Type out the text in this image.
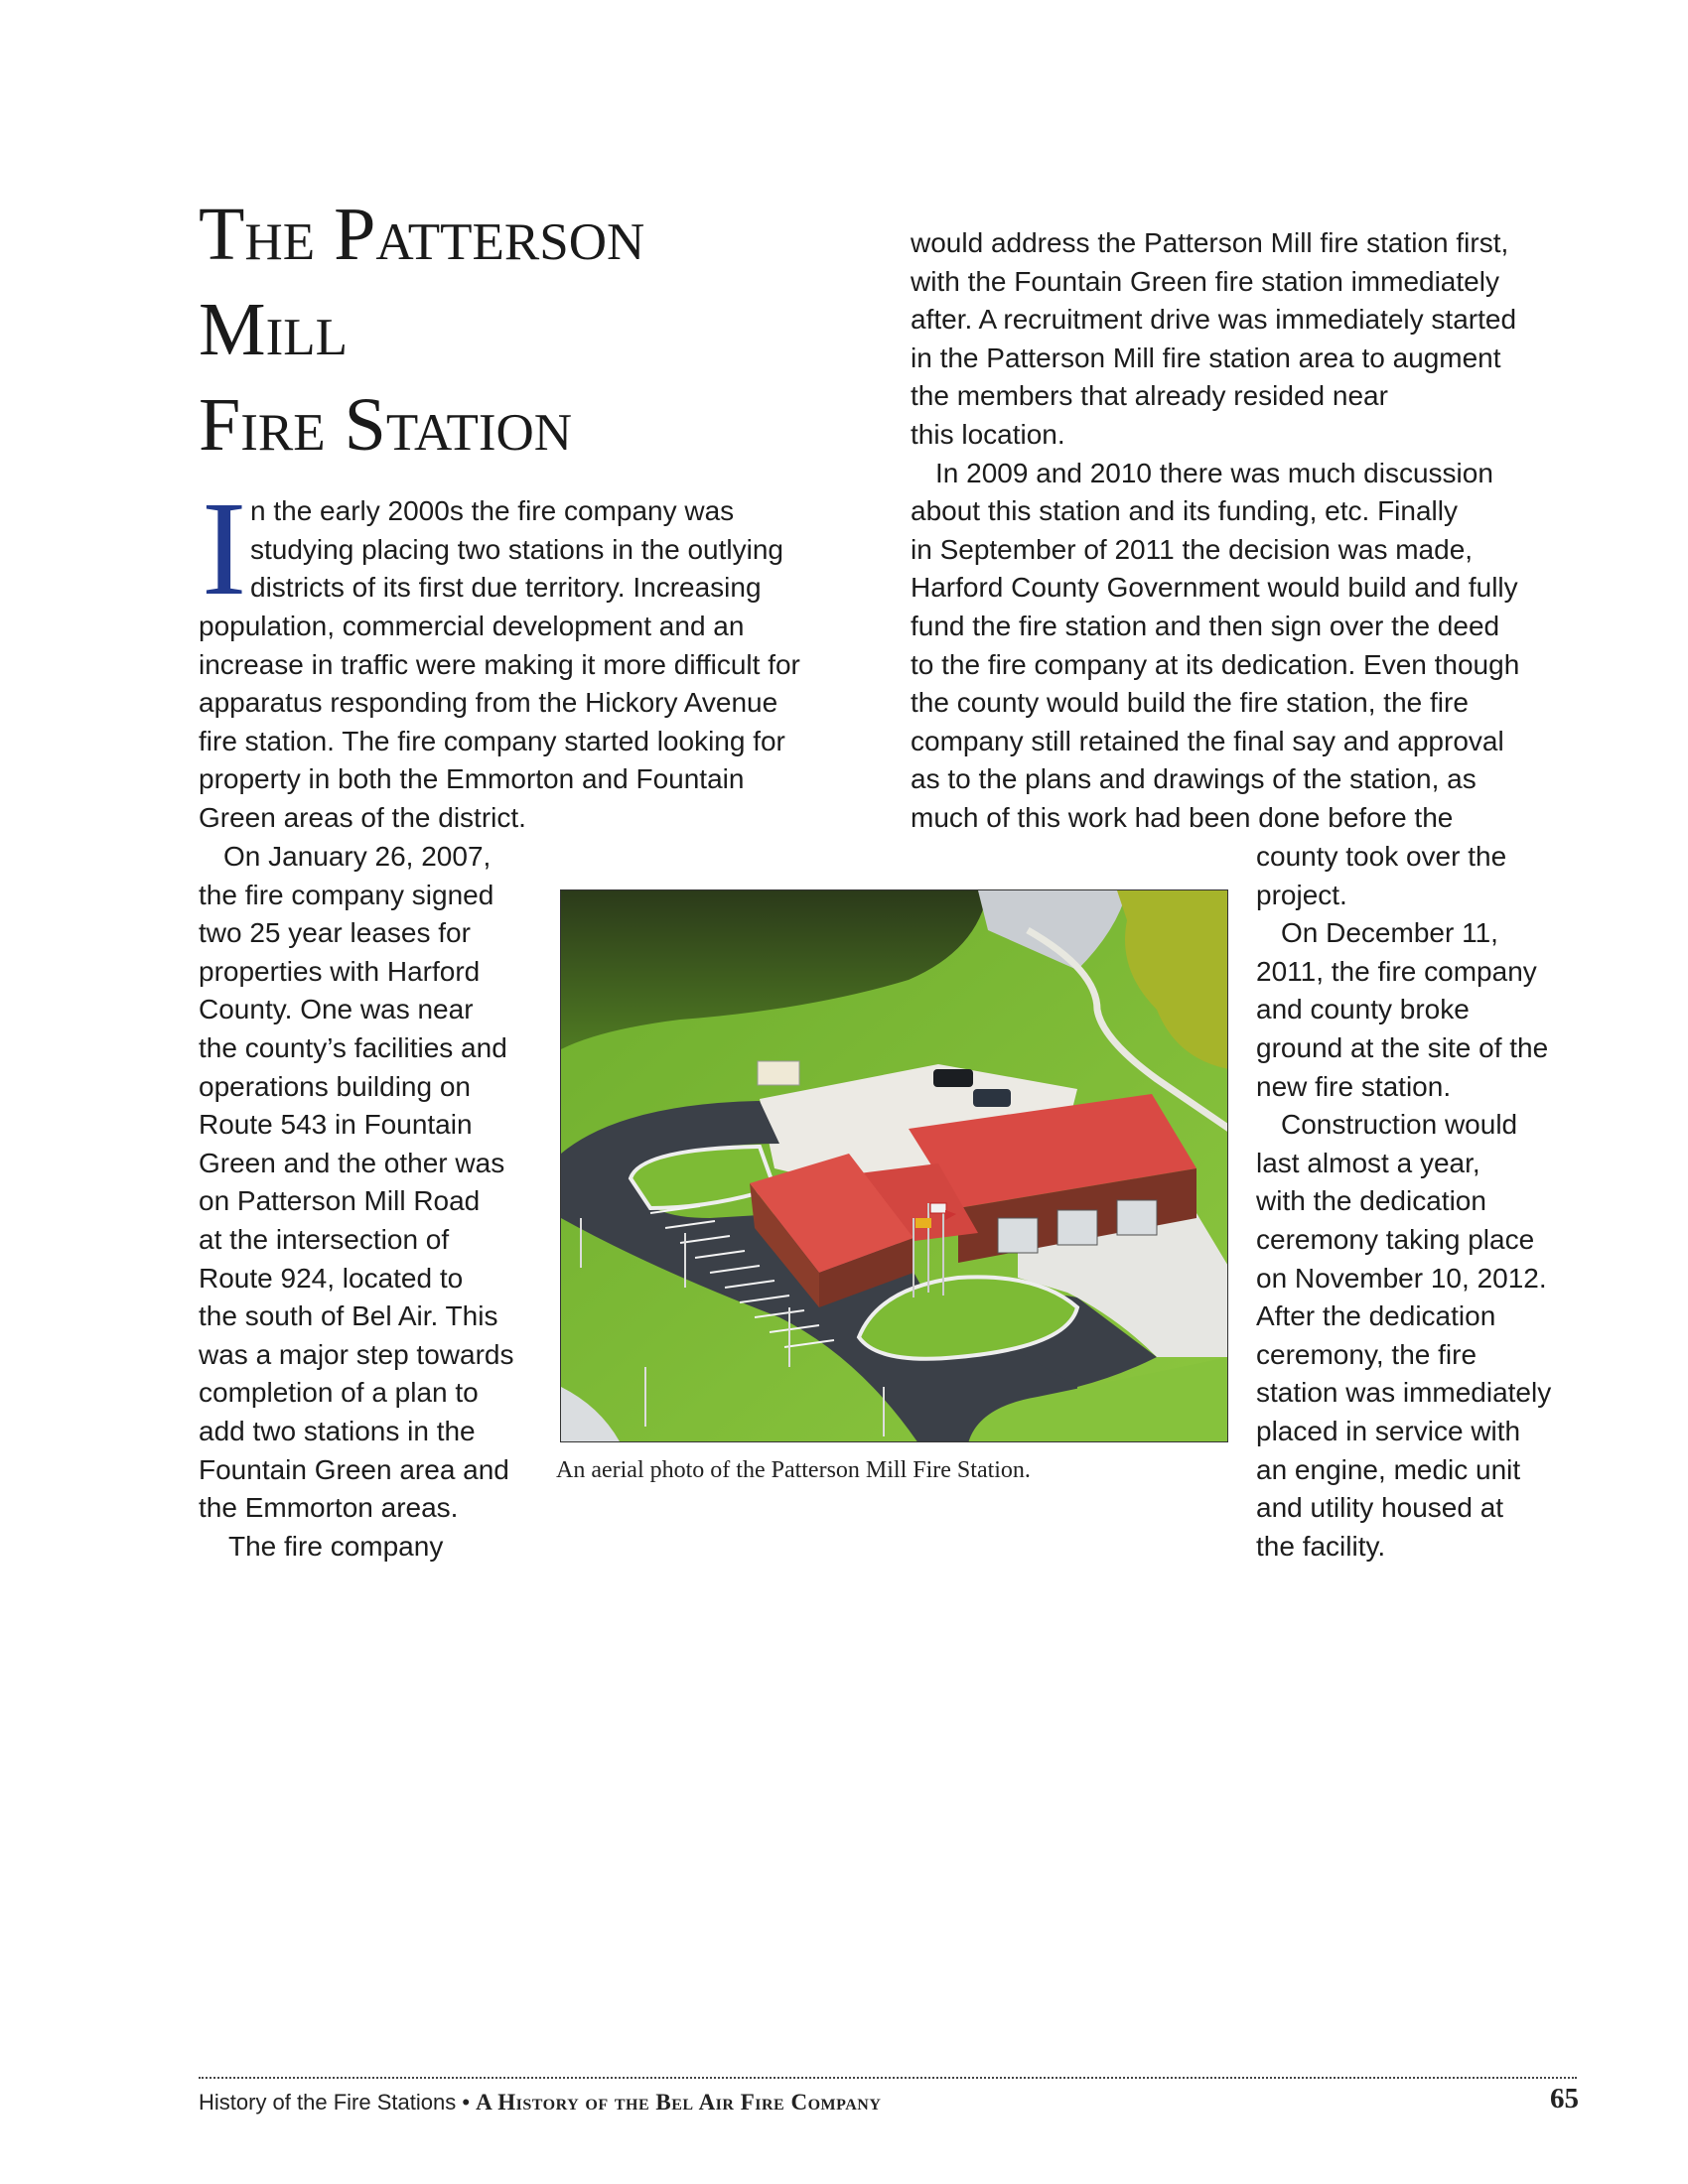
The Patterson
Mill
Fire Station
I n the early 2000s the fire company was
studying placing two stations in the outlying
districts of its first due territory. Increasing
population, commercial development and an
increase in traffic were making it more difficult for
apparatus responding from the Hickory Avenue
fire station. The fire company started looking for
property in both the Emmorton and Fountain
Green areas of the district.
On January 26, 2007,
the fire company signed
two 25 year leases for
properties with Harford
County. One was near
the county’s facilities and
operations building on
Route 543 in Fountain
Green and the other was
on Patterson Mill Road
at the intersection of
Route 924, located to
the south of Bel Air. This
was a major step towards
completion of a plan to
add two stations in the
Fountain Green area and
the Emmorton areas.
The fire company
would address the Patterson Mill fire station first,
with the Fountain Green fire station immediately
after. A recruitment drive was immediately started
in the Patterson Mill fire station area to augment
the members that already resided near
this location.
In 2009 and 2010 there was much discussion
about this station and its funding, etc. Finally
in September of 2011 the decision was made,
Harford County Government would build and fully
fund the fire station and then sign over the deed
to the fire company at its dedication. Even though
the county would build the fire station, the fire
company still retained the final say and approval
as to the plans and drawings of the station, as
much of this work had been done before the
county took over the
project.
On December 11,
2011, the fire company
and county broke
ground at the site of the
new fire station.
Construction would
last almost a year,
with the dedication
ceremony taking place
on November 10, 2012.
After the dedication
ceremony, the fire
station was immediately
placed in service with
an engine, medic unit
and utility housed at
the facility.
An aerial photo of the Patterson Mill Fire Station.
History of the Fire Stations • A History of the Bel Air Fire Company	65
